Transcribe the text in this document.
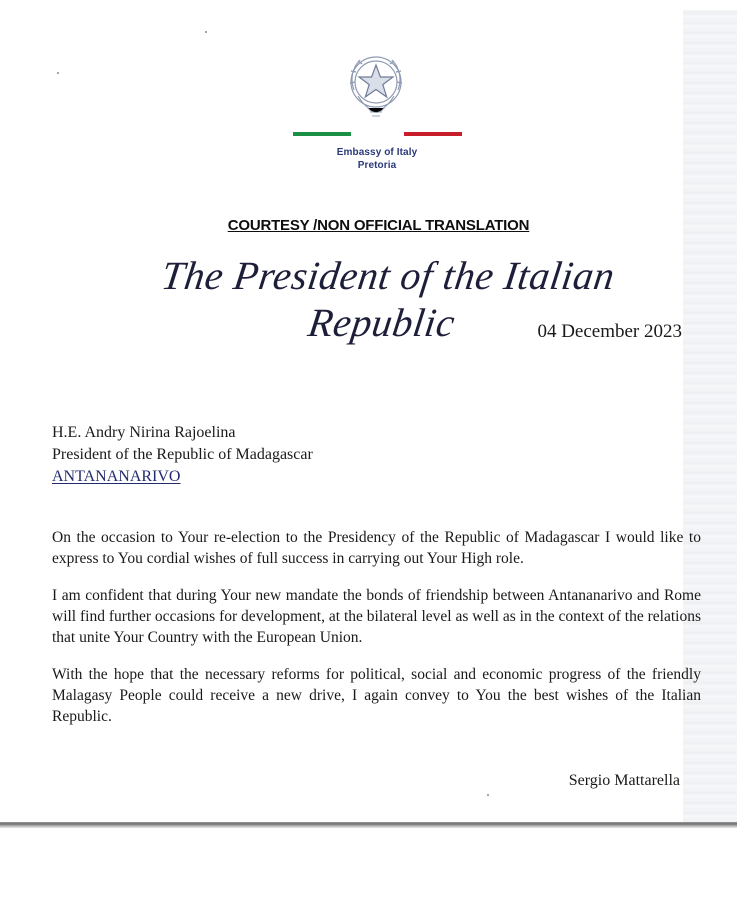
Embassy of Italy
Pretoria
COURTESY /NON OFFICIAL TRANSLATION
The President of the Italian Republic	04 December 2023
H.E. Andry Nirina Rajoelina
President of the Republic of Madagascar
ANTANANARIVO

On the occasion to Your re-election to the Presidency of the Republic of Madagascar I would like to express to You cordial wishes of full success in carrying out Your High role.

I am confident that during Your new mandate the bonds of friendship between Antananarivo and Rome will find further occasions for development, at the bilateral level as well as in the context of the relations that unite Your Country with the European Union.

With the hope that the necessary reforms for political, social and economic progress of the friendly Malagasy People could receive a new drive, I again convey to You the best wishes of the Italian Republic.

Sergio Mattarella
